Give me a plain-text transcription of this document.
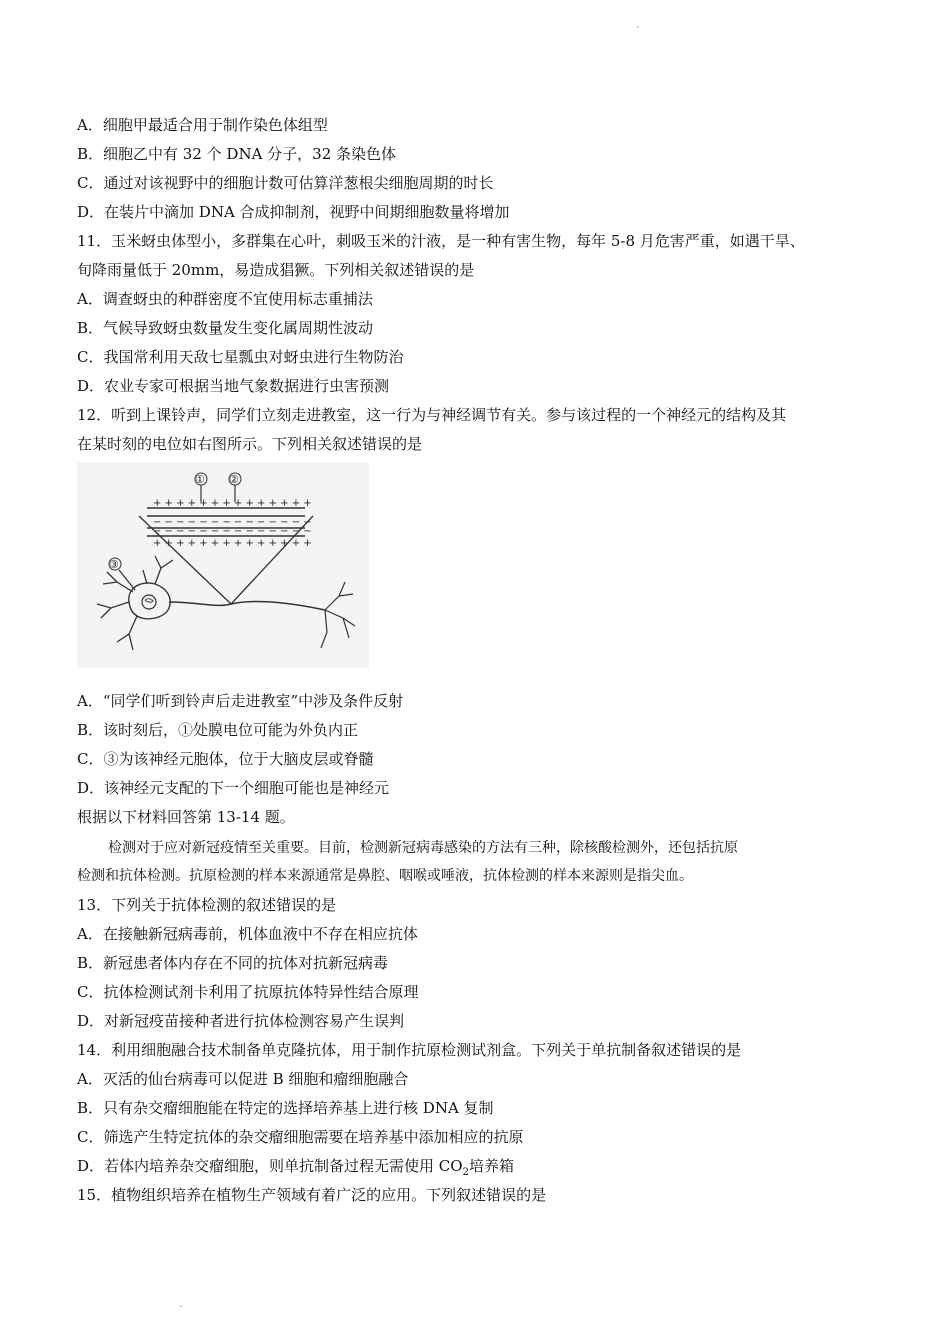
A．细胞甲最适合用于制作染色体组型
B．细胞乙中有 32 个 DNA 分子，32 条染色体
C．通过对该视野中的细胞计数可估算洋葱根尖细胞周期的时长
D．在装片中滴加 DNA 合成抑制剂，视野中间期细胞数量将增加
11．玉米蚜虫体型小，多群集在心叶，刺吸玉米的汁液，是一种有害生物，每年 5-8 月危害严重，如遇干旱、
旬降雨量低于 20mm，易造成猖獗。下列相关叙述错误的是
A．调查蚜虫的种群密度不宜使用标志重捕法
B．气候导致蚜虫数量发生变化属周期性波动
C．我国常利用天敌七星瓢虫对蚜虫进行生物防治
D．农业专家可根据当地气象数据进行虫害预测
12．听到上课铃声，同学们立刻走进教室，这一行为与神经调节有关。参与该过程的一个神经元的结构及其
在某时刻的电位如右图所示。下列相关叙述错误的是
+ + + + + + + + + + + + + +
− − − − − − − − − − − − − −
− − − − − − − − − − − − − −
+ + + + + + + + + + + + + +
① ②
③
A．“同学们听到铃声后走进教室”中涉及条件反射
B．该时刻后，①处膜电位可能为外负内正
C．③为该神经元胞体，位于大脑皮层或脊髓
D．该神经元支配的下一个细胞可能也是神经元
根据以下材料回答第 13-14 题。
检测对于应对新冠疫情至关重要。目前，检测新冠病毒感染的方法有三种，除核酸检测外，还包括抗原
检测和抗体检测。抗原检测的样本来源通常是鼻腔、咽喉或唾液，抗体检测的样本来源则是指尖血。
13．下列关于抗体检测的叙述错误的是
A．在接触新冠病毒前，机体血液中不存在相应抗体
B．新冠患者体内存在不同的抗体对抗新冠病毒
C．抗体检测试剂卡利用了抗原抗体特异性结合原理
D．对新冠疫苗接种者进行抗体检测容易产生误判
14．利用细胞融合技术制备单克隆抗体，用于制作抗原检测试剂盒。下列关于单抗制备叙述错误的是
A．灭活的仙台病毒可以促进 B 细胞和瘤细胞融合
B．只有杂交瘤细胞能在特定的选择培养基上进行核 DNA 复制
C．筛选产生特定抗体的杂交瘤细胞需要在培养基中添加相应的抗原
D．若体内培养杂交瘤细胞，则单抗制备过程无需使用 $CO_2$培养箱
15．植物组织培养在植物生产领域有着广泛的应用。下列叙述错误的是
